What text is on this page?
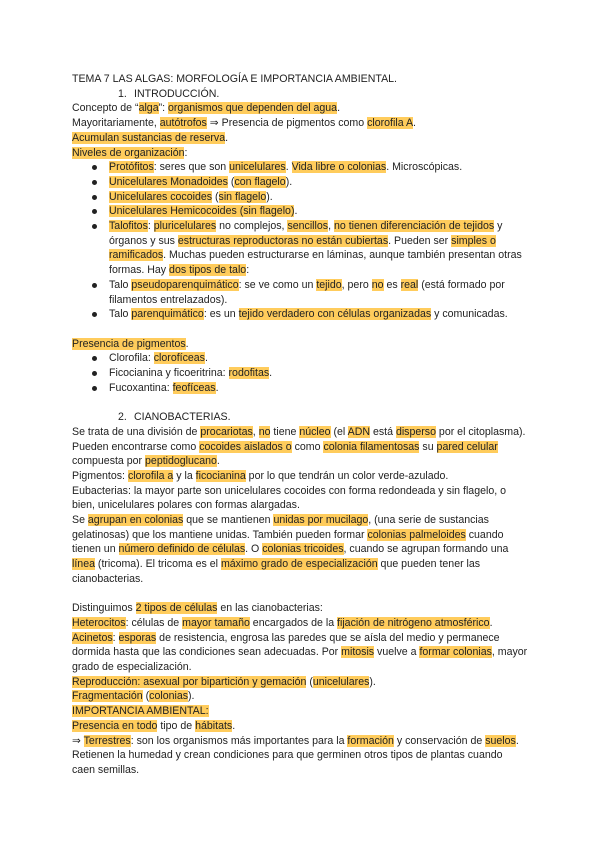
TEMA 7 LAS ALGAS: MORFOLOGÍA E IMPORTANCIA AMBIENTAL.

1. INTRODUCCIÓN.

Concepto de “alga”: organismos que dependen del agua.

Mayoritariamente, autótrofos ⇒ Presencia de pigmentos como clorofila A.

Acumulan sustancias de reserva.

Niveles de organización:

Protófitos: seres que son unicelulares. Vida libre o colonias. Microscópicas.
Unicelulares Monadoides (con flagelo).
Unicelulares cocoides (sin flagelo).
Unicelulares Hemicocoides (sin flagelo).
Talofitos: pluricelulares no complejos, sencillos, no tienen diferenciación de tejidos y órganos y sus estructuras reproductoras no están cubiertas. Pueden ser simples o ramificados. Muchas pueden estructurarse en láminas, aunque también presentan otras formas. Hay dos tipos de talo:
Talo pseudoparenquimático: se ve como un tejido, pero no es real (está formado por filamentos entrelazados).
Talo parenquimático: es un tejido verdadero con células organizadas y comunicadas.

Presencia de pigmentos.

Clorofila: clorofíceas.
Ficocianina y ficoeritrina: rodofitas.
Fucoxantina: feofíceas.
2. CIANOBACTERIAS.

Se trata de una división de procariotas, no tiene núcleo (el ADN está disperso por el citoplasma). Pueden encontrarse como cocoides aislados o como colonia filamentosas su pared celular compuesta por peptidoglucano.

Pigmentos: clorofila a y la ficocianina por lo que tendrán un color verde-azulado.

Eubacterias: la mayor parte son unicelulares cocoides con forma redondeada y sin flagelo, o bien, unicelulares polares con formas alargadas.

Se agrupan en colonias que se mantienen unidas por mucilago, (una serie de sustancias gelatinosas) que los mantiene unidas. También pueden formar colonias palmeloides cuando tienen un número definido de células. O colonias tricoides, cuando se agrupan formando una línea (tricoma). El tricoma es el máximo grado de especialización que pueden tener las cianobacterias.

Distinguimos 2 tipos de células en las cianobacterias:

Heterocitos: células de mayor tamaño encargados de la fijación de nitrógeno atmosférico.

Acinetos: esporas de resistencia, engrosa las paredes que se aísla del medio y permanece dormida hasta que las condiciones sean adecuadas. Por mitosis vuelve a formar colonias, mayor grado de especialización.

Reproducción: asexual por bipartición y gemación (unicelulares).

Fragmentación (colonias).

IMPORTANCIA AMBIENTAL:

Presencia en todo tipo de hábitats.

⇒ Terrestres: son los organismos más importantes para la formación y conservación de suelos. Retienen la humedad y crean condiciones para que germinen otros tipos de plantas cuando caen semillas.
